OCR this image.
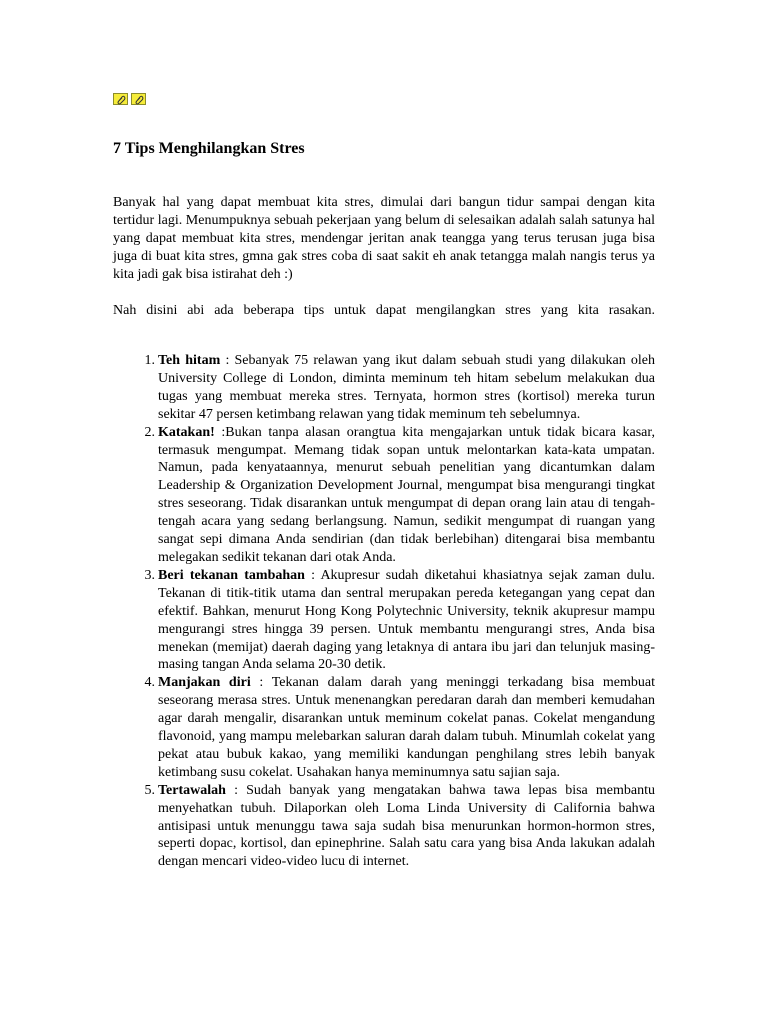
7 Tips Menghilangkan Stres

Banyak hal yang dapat membuat kita stres, dimulai dari bangun tidur sampai dengan kita tertidur lagi. Menumpuknya sebuah pekerjaan yang belum di selesaikan adalah salah satunya hal yang dapat membuat kita stres, mendengar jeritan anak teangga yang terus terusan juga bisa juga di buat kita stres, gmna gak stres coba di saat sakit eh anak tetangga malah nangis terus ya kita jadi gak bisa istirahat deh :)

Nah disini abi ada beberapa tips untuk dapat mengilangkan stres yang kita rasakan.

1. Teh hitam : Sebanyak 75 relawan yang ikut dalam sebuah studi yang dilakukan oleh University College di London, diminta meminum teh hitam sebelum melakukan dua tugas yang membuat mereka stres. Ternyata, hormon stres (kortisol) mereka turun sekitar 47 persen ketimbang relawan yang tidak meminum teh sebelumnya.
2. Katakan! :Bukan tanpa alasan orangtua kita mengajarkan untuk tidak bicara kasar, termasuk mengumpat. Memang tidak sopan untuk melontarkan kata-kata umpatan. Namun, pada kenyataannya, menurut sebuah penelitian yang dicantumkan dalam Leadership & Organization Development Journal, mengumpat bisa mengurangi tingkat stres seseorang. Tidak disarankan untuk mengumpat di depan orang lain atau di tengah-tengah acara yang sedang berlangsung. Namun, sedikit mengumpat di ruangan yang sangat sepi dimana Anda sendirian (dan tidak berlebihan) ditengarai bisa membantu melegakan sedikit tekanan dari otak Anda.
3. Beri tekanan tambahan : Akupresur sudah diketahui khasiatnya sejak zaman dulu. Tekanan di titik-titik utama dan sentral merupakan pereda ketegangan yang cepat dan efektif. Bahkan, menurut Hong Kong Polytechnic University, teknik akupresur mampu mengurangi stres hingga 39 persen. Untuk membantu mengurangi stres, Anda bisa menekan (memijat) daerah daging yang letaknya di antara ibu jari dan telunjuk masing-masing tangan Anda selama 20-30 detik.
4. Manjakan diri : Tekanan dalam darah yang meninggi terkadang bisa membuat seseorang merasa stres. Untuk menenangkan peredaran darah dan memberi kemudahan agar darah mengalir, disarankan untuk meminum cokelat panas. Cokelat mengandung flavonoid, yang mampu melebarkan saluran darah dalam tubuh. Minumlah cokelat yang pekat atau bubuk kakao, yang memiliki kandungan penghilang stres lebih banyak ketimbang susu cokelat. Usahakan hanya meminumnya satu sajian saja.
5. Tertawalah : Sudah banyak yang mengatakan bahwa tawa lepas bisa membantu menyehatkan tubuh. Dilaporkan oleh Loma Linda University di California bahwa antisipasi untuk menunggu tawa saja sudah bisa menurunkan hormon-hormon stres, seperti dopac, kortisol, dan epinephrine. Salah satu cara yang bisa Anda lakukan adalah dengan mencari video-video lucu di internet.
